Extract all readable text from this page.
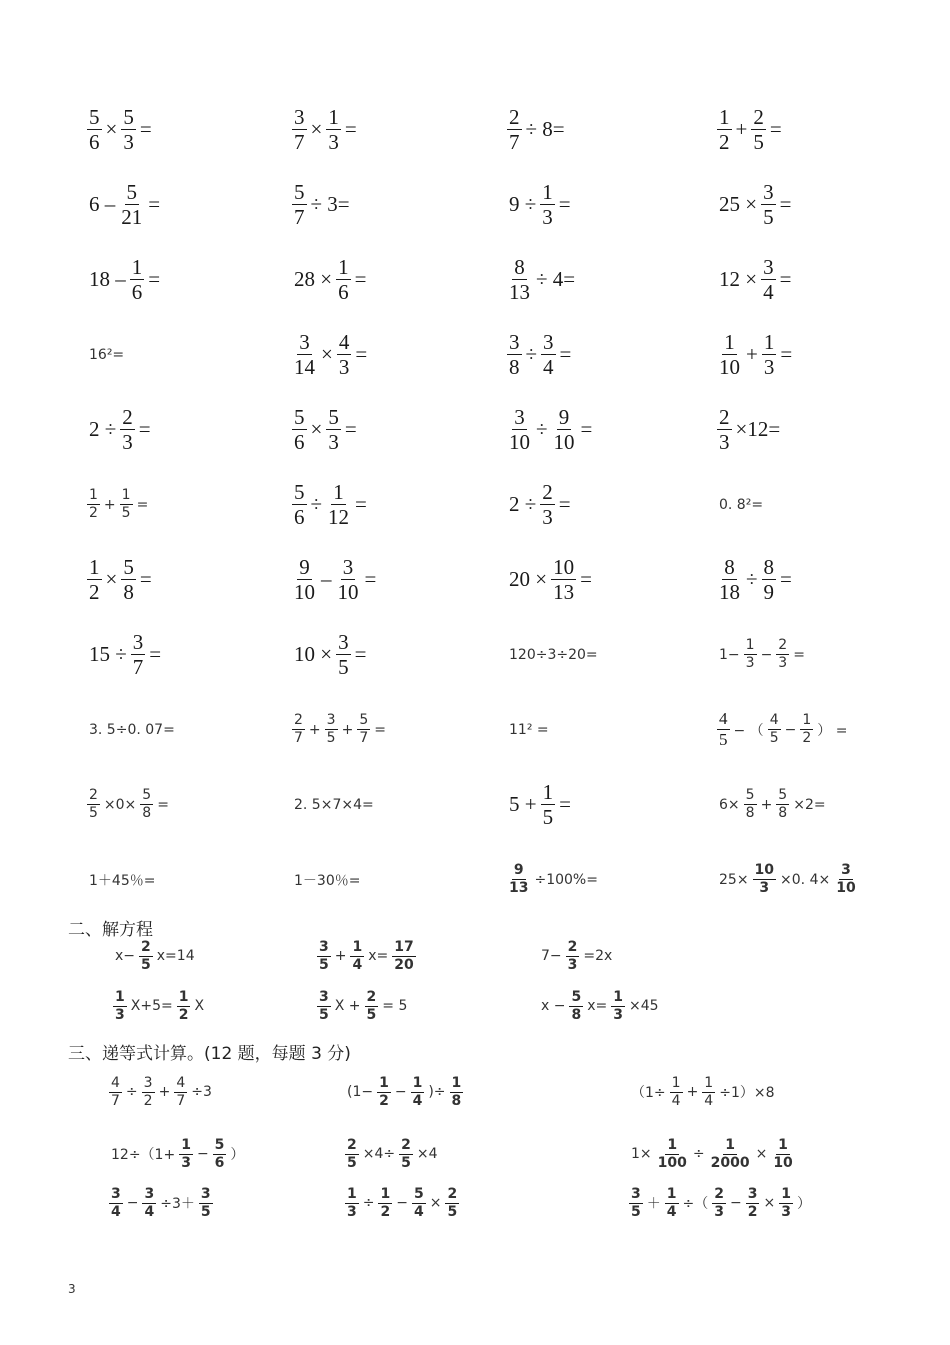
$\frac{5}{6} \times \frac{5}{3}$ =	$\frac{3}{7} \times \frac{1}{3}$ =	$\frac{2}{7} \div 8=$	$\frac{1}{2} + \frac{2}{5}$ =
$6 - \frac{5}{21}$ =	$\frac{5}{7} \div 3=$	$9 \div \frac{1}{3}$ =	$25 \times \frac{3}{5}$ =
$18 - \frac{1}{6}$ =	$28 \times \frac{1}{6}$ =	$\frac{8}{13} \div 4=$	$12 \times \frac{3}{4}$ =
16²=	$\frac{3}{14} \times \frac{4}{3}$ =	$\frac{3}{8} \div \frac{3}{4}$ =	$\frac{1}{10} + \frac{1}{3}$ =
$2 \div \frac{2}{3}$ =	$\frac{5}{6} \times \frac{5}{3}$ =	$\frac{3}{10} \div \frac{9}{10}$ =	$\frac{2}{3} \times 12=$
$\frac{1}{2} + \frac{1}{5}$ =	$\frac{5}{6} \div \frac{1}{12}$ =	$2 \div \frac{2}{3}$ =	0. 8²=
$\frac{1}{2} \times \frac{5}{8}$ =	$\frac{9}{10} - \frac{3}{10}$ =	$20 \times \frac{10}{13}$ =	$\frac{8}{18} \div \frac{8}{9}$ =
$15 \div \frac{3}{7}$ =	$10 \times \frac{3}{5}$ =	120÷3÷20=	$1- \frac{1}{3} - \frac{2}{3}$ =
3. 5÷0. 07=	$\frac{2}{7} + \frac{3}{5} + \frac{5}{7}$ =	11² =	$\frac{4}{5}$ − （ $\frac{4}{5} - \frac{1}{2}$ ） =
$\frac{2}{5} \times 0\times \frac{5}{8}$ =	2. 5×7×4=	$5 + \frac{1}{5}$ =	$6\times \frac{5}{8} + \frac{5}{8} \times 2=$
1＋45％=	1－30％=	$\frac{9}{13} \div 100\%=$	$25\times \frac{10}{3} \times 0$. $4\times \frac{3}{10}$
二、解方程
$x- \frac{2}{5} x=14$	$\frac{3}{5} + \frac{1}{4} x= \frac{17}{20}$	$7- \frac{2}{3} =2x$
$\frac{1}{3} X+5= \frac{1}{2}$ X	$\frac{3}{5}$ $X + \frac{2}{5} = 5$	$x - \frac{5}{8} x= \frac{1}{3} \times 45$
三、递等式计算。(12 题，每题 3 分)
$\frac{4}{7} \div \frac{3}{2} + \frac{4}{7} \div 3$	($1- \frac{1}{2} - \frac{1}{4}$ )÷ $\frac{1}{8}$	$(1\div \frac{1}{4} + \frac{1}{4} \div 1)\times 8$
$12\div(1+ \frac{1}{3} - \frac{5}{6}$ ）	$\frac{2}{5} \times 4\div \frac{2}{5} \times 4$	$1\times \frac{1}{100} \div \frac{1}{2000} \times \frac{1}{10}$
$\frac{3}{4} - \frac{3}{4} \div 3+ \frac{3}{5}$	$\frac{1}{3} \div \frac{1}{2} - \frac{5}{4} \times \frac{2}{5}$	$\frac{3}{5} + \frac{1}{4}$ ÷（ $\frac{2}{3} - \frac{3}{2} \times \frac{1}{3}$ ）
3
